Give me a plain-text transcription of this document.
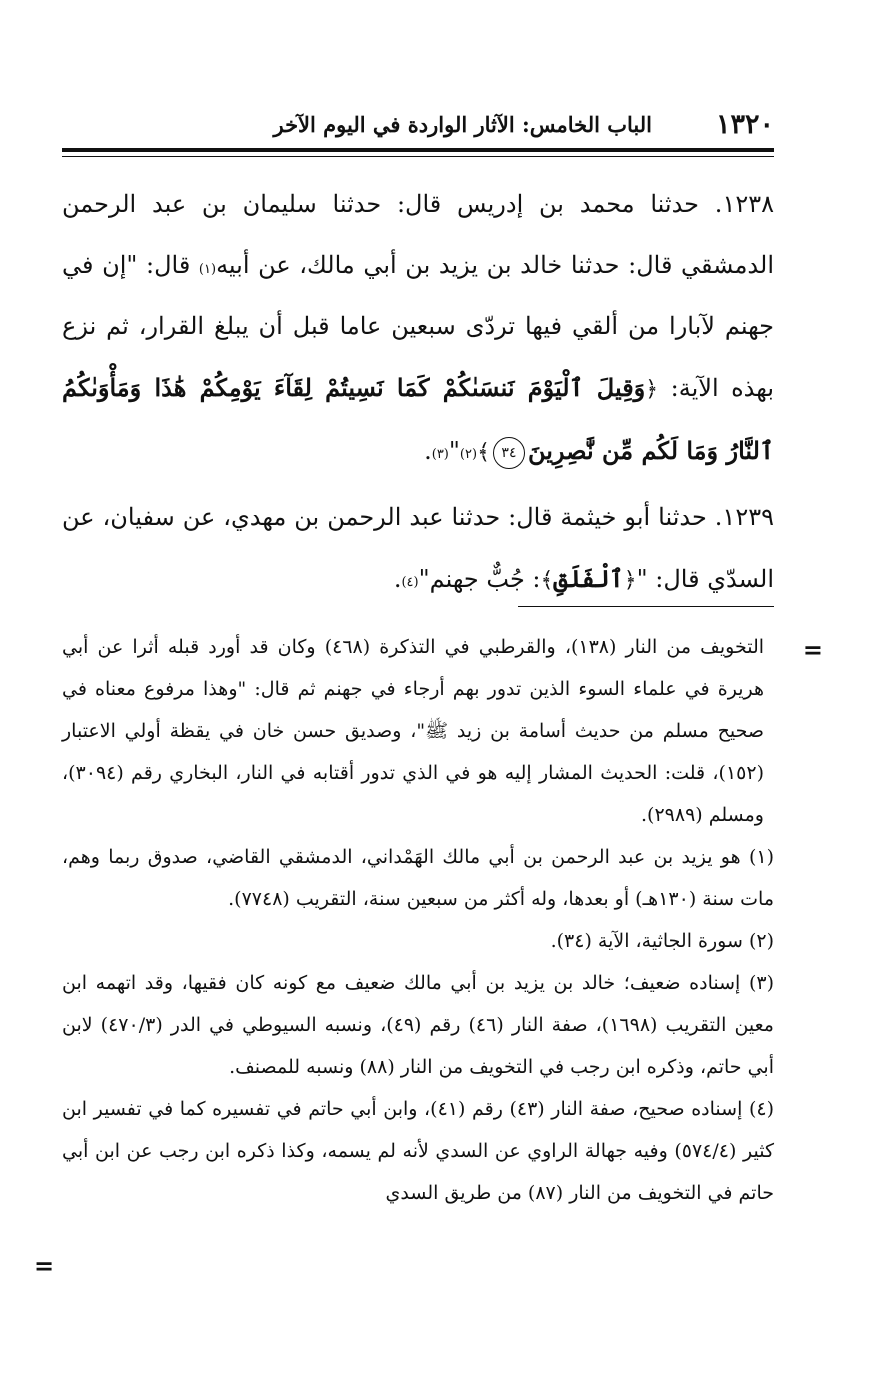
١٣٢٠
الباب الخامس: الآثار الواردة في اليوم الآخر

١٢٣٨. حدثنا محمد بن إدريس قال: حدثنا سليمان بن عبد الرحمن الدمشقي قال: حدثنا خالد بن يزيد بن أبي مالك، عن أبيه$^{(١)}$ قال: "إن في جهنم لآبارا من ألقي فيها تردّى سبعين عاما قبل أن يبلغ القرار، ثم نزع بهذه الآية: ﴿وَقِيلَ ٱلْيَوْمَ نَنسَىٰكُمْ كَمَا نَسِيتُمْ لِقَآءَ يَوْمِكُمْ هَٰذَا وَمَأْوَىٰكُمُ ٱلنَّارُ وَمَا لَكُم مِّن نَّٰصِرِينَ٣٤﴾$^{(٢)}$"$^{(٣)}$.

١٢٣٩. حدثنا أبو خيثمة قال: حدثنا عبد الرحمن بن مهدي، عن سفيان، عن السدّي قال: "﴿ٱلْفَلَقِ﴾: جُبٌّ جهنم"$^{(٤)}$.

=

التخويف من النار (١٣٨)، والقرطبي في التذكرة (٤٦٨) وكان قد أورد قبله أثرا عن أبي هريرة في علماء السوء الذين تدور بهم أرجاء في جهنم ثم قال: "وهذا مرفوع معناه في صحيح مسلم من حديث أسامة بن زيد ﷺ"، وصديق حسن خان في يقظة أولي الاعتبار (١٥٢)، قلت: الحديث المشار إليه هو في الذي تدور أقتابه في النار، البخاري رقم (٣٠٩٤)، ومسلم (٢٩٨٩).

(١) هو يزيد بن عبد الرحمن بن أبي مالك الهَمْداني، الدمشقي القاضي، صدوق ربما وهم، مات سنة (١٣٠هـ) أو بعدها، وله أكثر من سبعين سنة، التقريب (٧٧٤٨).

(٢) سورة الجاثية، الآية (٣٤).

(٣) إسناده ضعيف؛ خالد بن يزيد بن أبي مالك ضعيف مع كونه كان فقيها، وقد اتهمه ابن معين التقريب (١٦٩٨)، صفة النار (٤٦) رقم (٤٩)، ونسبه السيوطي في الدر (٤٧٠/٣) لابن أبي حاتم، وذكره ابن رجب في التخويف من النار (٨٨) ونسبه للمصنف.

(٤) إسناده صحيح، صفة النار (٤٣) رقم (٤١)، وابن أبي حاتم في تفسيره كما في تفسير ابن كثير (٥٧٤/٤) وفيه جهالة الراوي عن السدي لأنه لم يسمه، وكذا ذكره ابن رجب عن ابن أبي حاتم في التخويف من النار (٨٧) من طريق السدي

=
